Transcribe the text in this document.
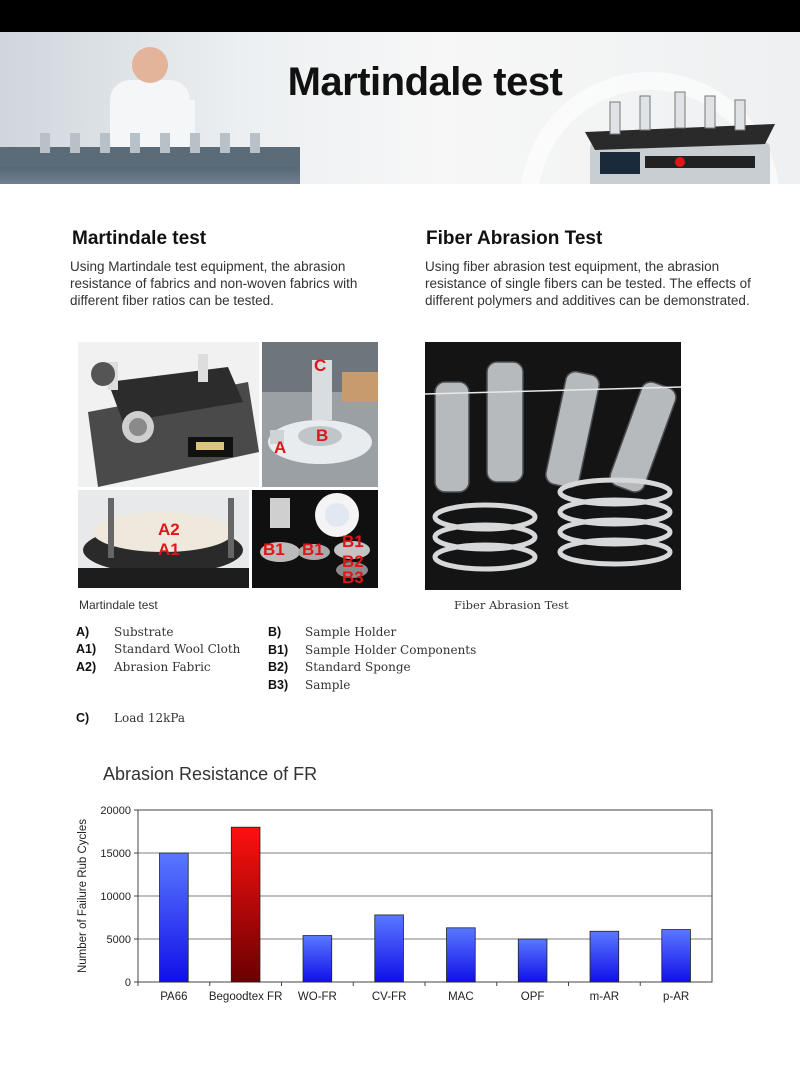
Martindale test
Martindale test
Using Martindale test equipment, the abrasion resistance of fabrics and non-woven fabrics with different fiber ratios can be tested.
Fiber Abrasion Test
Using fiber abrasion test equipment, the abrasion resistance of single fibers can be tested. The effects of different polymers and additives can be demonstrated.
C
B
A
A2
A1	B1 B1 B1
B2
B3
Martindale test	Fiber Abrasion Test
A) Substrate
A1) Standard Wool Cloth
A2) Abrasion Fabric
B) Sample Holder
B1) Sample Holder Components
B2) Standard Sponge
B3) Sample
C) Load 12kPa
Abrasion Resistance of FR
0
5000
10000
15000
20000
PA66 Begoodtex FR WO-FR	CV-FR	MAC	OPF	m-AR	p-AR
Number of Failure Rub Cycles
